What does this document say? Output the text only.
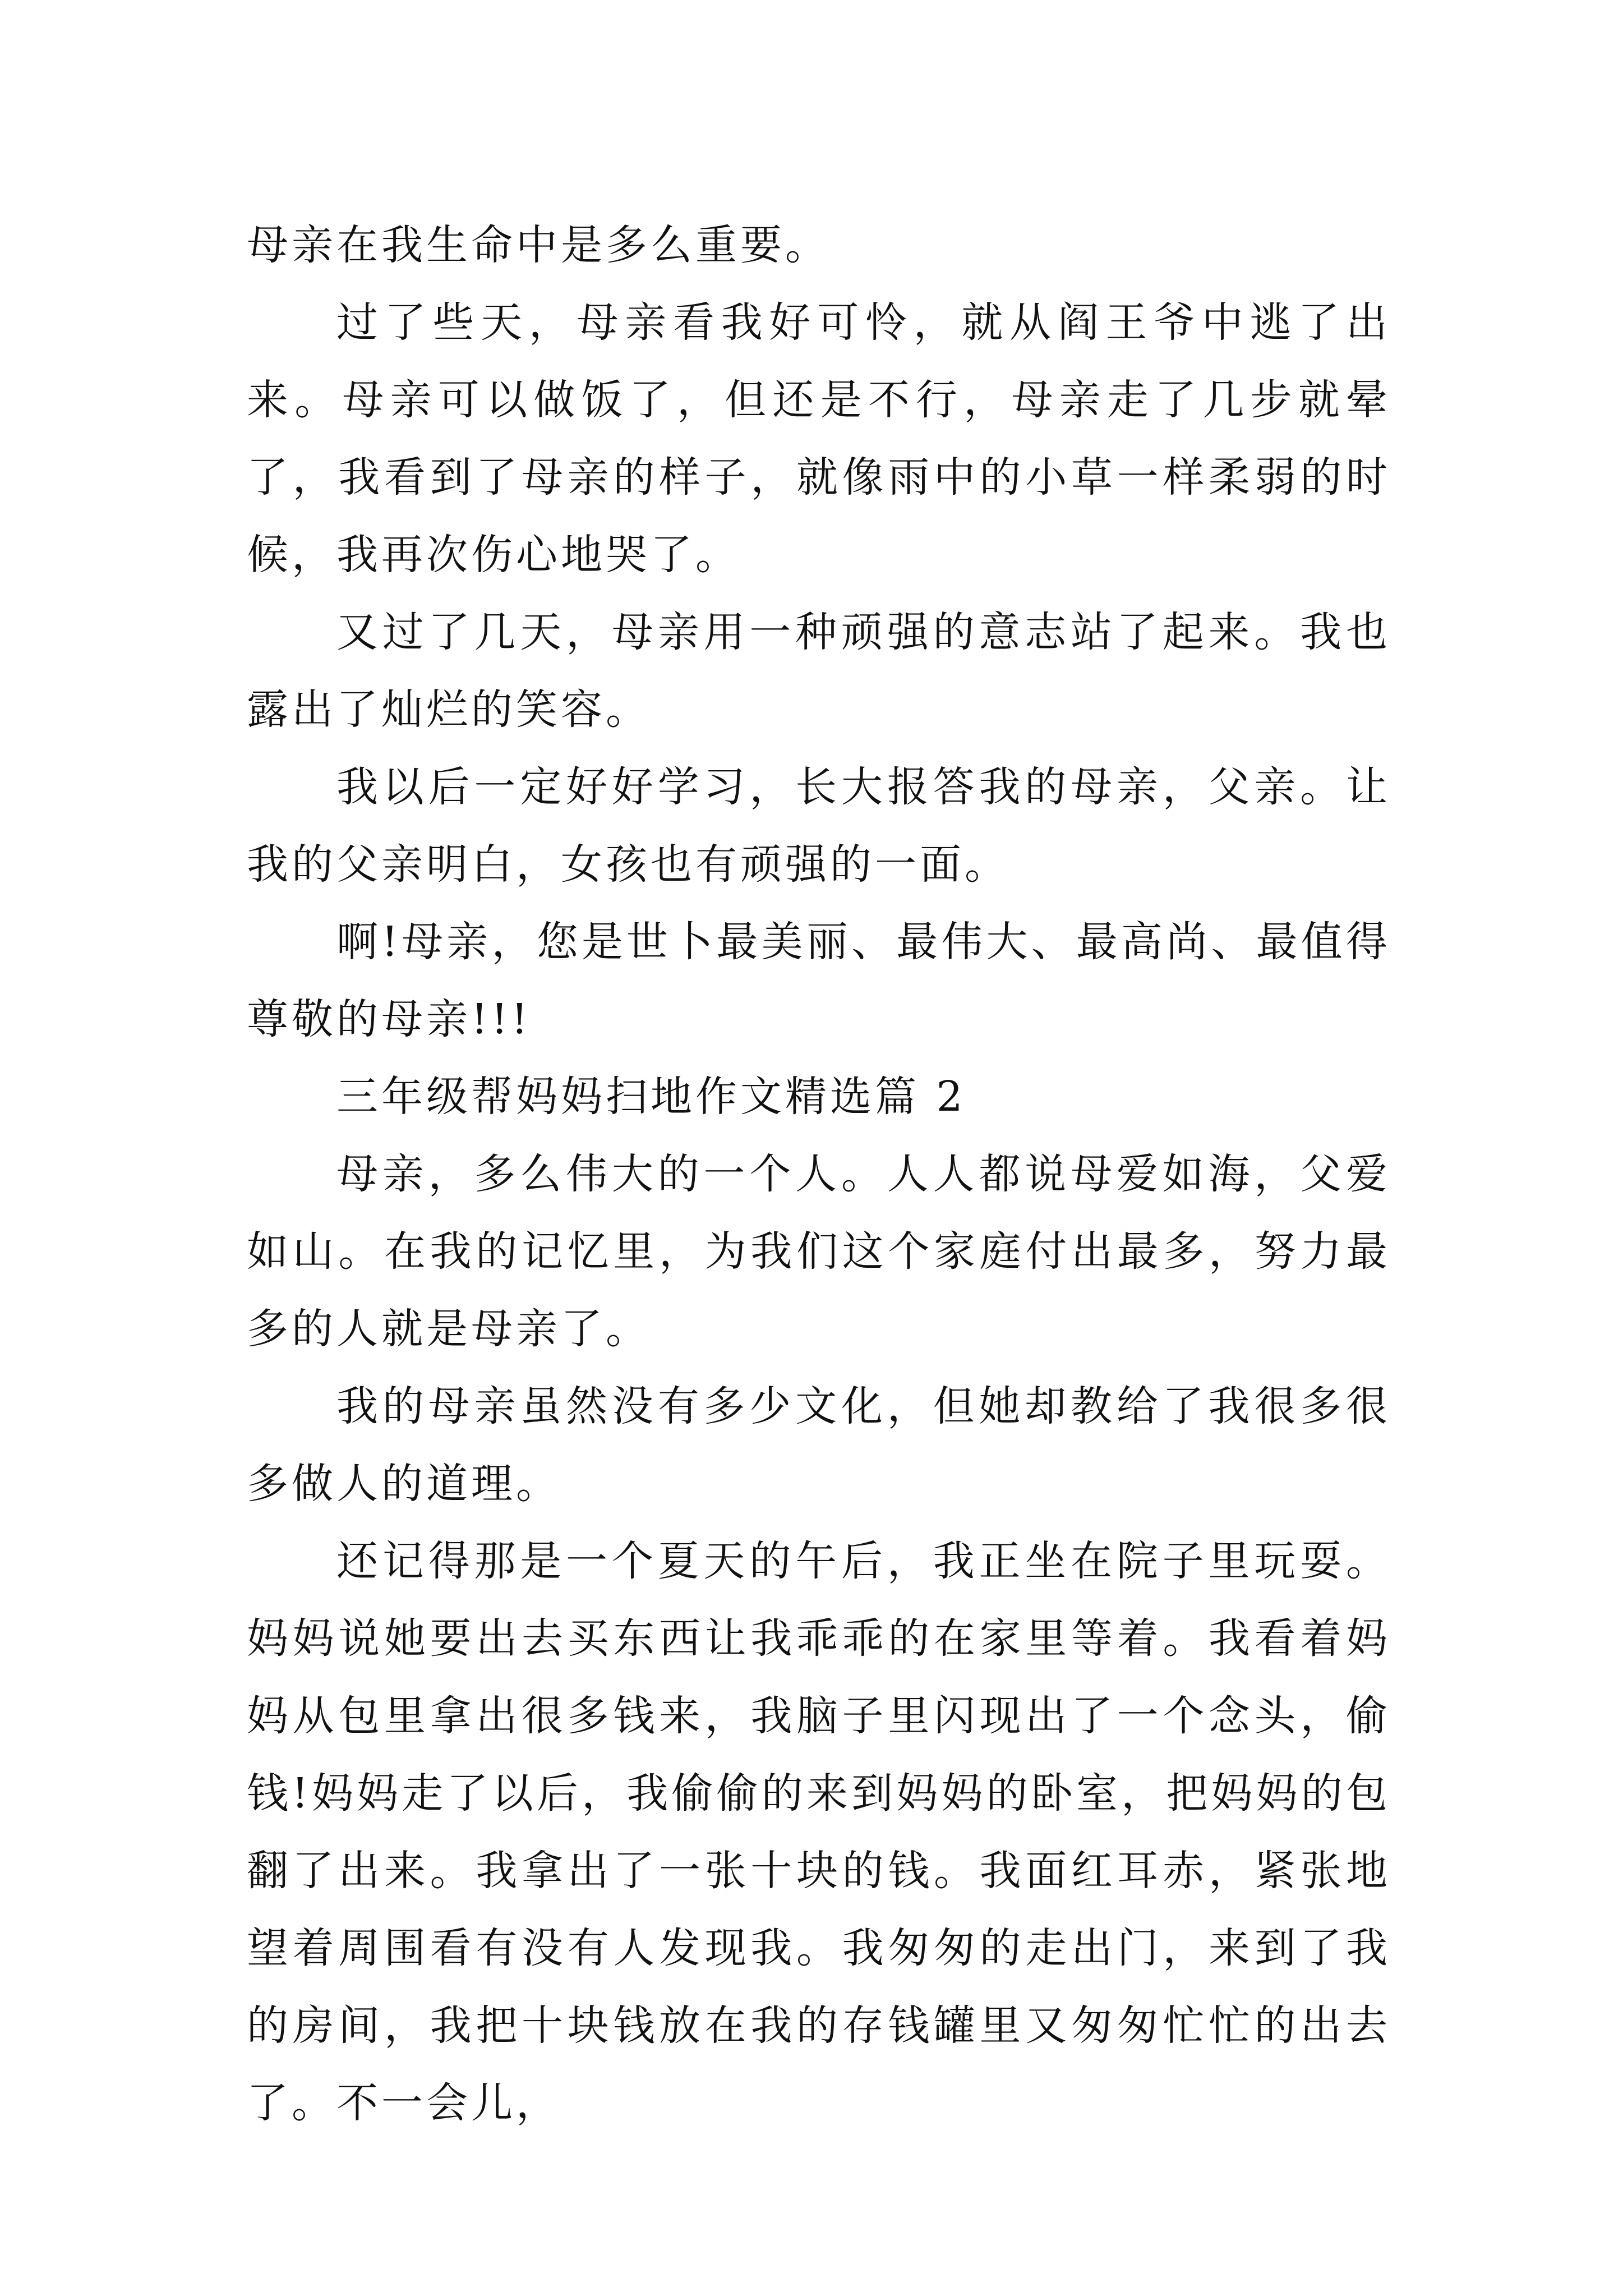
母亲在我生命中是多么重要。

过了些天，母亲看我好可怜，就从阎王爷中逃了出来。母亲可以做饭了，但还是不行，母亲走了几步就晕了，我看到了母亲的样子，就像雨中的小草一样柔弱的时候，我再次伤心地哭了。

又过了几天，母亲用一种顽强的意志站了起来。我也露出了灿烂的笑容。

我以后一定好好学习，长大报答我的母亲，父亲。让我的父亲明白，女孩也有顽强的一面。

啊!母亲，您是世卜最美丽、最伟大、最高尚、最值得尊敬的母亲!!!

三年级帮妈妈扫地作文精选篇 2

母亲，多么伟大的一个人。人人都说母爱如海，父爱如山。在我的记忆里，为我们这个家庭付出最多，努力最多的人就是母亲了。

我的母亲虽然没有多少文化，但她却教给了我很多很多做人的道理。

还记得那是一个夏天的午后，我正坐在院子里玩耍。妈妈说她要出去买东西让我乖乖的在家里等着。我看着妈妈从包里拿出很多钱来，我脑子里闪现出了一个念头，偷钱!妈妈走了以后，我偷偷的来到妈妈的卧室，把妈妈的包翻了出来。我拿出了一张十块的钱。我面红耳赤，紧张地望着周围看有没有人发现我。我匆匆的走出门，来到了我的房间，我把十块钱放在我的存钱罐里又匆匆忙忙的出去了。不一会儿，
